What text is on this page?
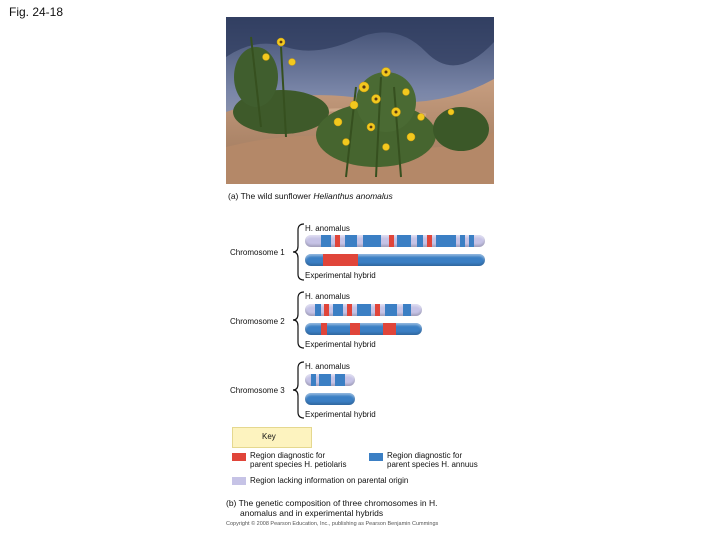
Fig. 24-18
(a) The wild sunflower Helianthus anomalus
H. anomalus
Chromosome 1
Experimental hybrid
H. anomalus
Chromosome 2
Experimental hybrid
H. anomalus
Chromosome 3
Experimental hybrid
Key
Region diagnostic for
parent species H. petiolaris
Region diagnostic for
parent species H. annuus
Region lacking information on parental origin
(b) The genetic composition of three chromosomes in H.
anomalus and in experimental hybrids
Copyright © 2008 Pearson Education, Inc., publishing as Pearson Benjamin Cummings
